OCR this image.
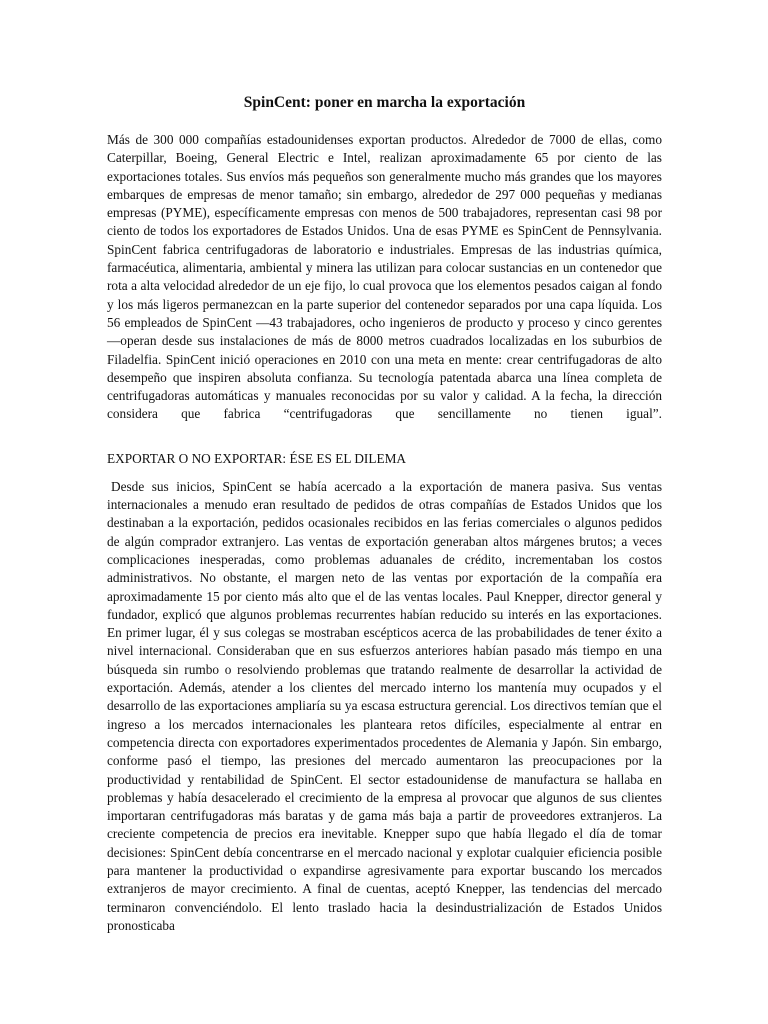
SpinCent: poner en marcha la exportación

Más de 300 000 compañías estadounidenses exportan productos. Alrededor de 7000 de ellas, como Caterpillar, Boeing, General Electric e Intel, realizan aproximadamente 65 por ciento de las exportaciones totales. Sus envíos más pequeños son generalmente mucho más grandes que los mayores embarques de empresas de menor tamaño; sin embargo, alrededor de 297 000 pequeñas y medianas empresas (PYME), específicamente empresas con menos de 500 trabajadores, representan casi 98 por ciento de todos los exportadores de Estados Unidos. Una de esas PYME es SpinCent de Pennsylvania. SpinCent fabrica centrifugadoras de laboratorio e industriales. Empresas de las industrias química, farmacéutica, alimentaria, ambiental y minera las utilizan para colocar sustancias en un contenedor que rota a alta velocidad alrededor de un eje fijo, lo cual provoca que los elementos pesados caigan al fondo y los más ligeros permanezcan en la parte superior del contenedor separados por una capa líquida. Los 56 empleados de SpinCent —43 trabajadores, ocho ingenieros de producto y proceso y cinco gerentes—operan desde sus instalaciones de más de 8000 metros cuadrados localizadas en los suburbios de Filadelfia. SpinCent inició operaciones en 2010 con una meta en mente: crear centrifugadoras de alto desempeño que inspiren absoluta confianza. Su tecnología patentada abarca una línea completa de centrifugadoras automáticas y manuales reconocidas por su valor y calidad. A la fecha, la dirección considera que fabrica “centrifugadoras que sencillamente no tienen igual”.

EXPORTAR O NO EXPORTAR: ÉSE ES EL DILEMA

Desde sus inicios, SpinCent se había acercado a la exportación de manera pasiva. Sus ventas internacionales a menudo eran resultado de pedidos de otras compañías de Estados Unidos que los destinaban a la exportación, pedidos ocasionales recibidos en las ferias comerciales o algunos pedidos de algún comprador extranjero. Las ventas de exportación generaban altos márgenes brutos; a veces complicaciones inesperadas, como problemas aduanales de crédito, incrementaban los costos administrativos. No obstante, el margen neto de las ventas por exportación de la compañía era aproximadamente 15 por ciento más alto que el de las ventas locales. Paul Knepper, director general y fundador, explicó que algunos problemas recurrentes habían reducido su interés en las exportaciones. En primer lugar, él y sus colegas se mostraban escépticos acerca de las probabilidades de tener éxito a nivel internacional. Consideraban que en sus esfuerzos anteriores habían pasado más tiempo en una búsqueda sin rumbo o resolviendo problemas que tratando realmente de desarrollar la actividad de exportación. Además, atender a los clientes del mercado interno los mantenía muy ocupados y el desarrollo de las exportaciones ampliaría su ya escasa estructura gerencial. Los directivos temían que el ingreso a los mercados internacionales les planteara retos difíciles, especialmente al entrar en competencia directa con exportadores experimentados procedentes de Alemania y Japón. Sin embargo, conforme pasó el tiempo, las presiones del mercado aumentaron las preocupaciones por la productividad y rentabilidad de SpinCent. El sector estadounidense de manufactura se hallaba en problemas y había desacelerado el crecimiento de la empresa al provocar que algunos de sus clientes importaran centrifugadoras más baratas y de gama más baja a partir de proveedores extranjeros. La creciente competencia de precios era inevitable. Knepper supo que había llegado el día de tomar decisiones: SpinCent debía concentrarse en el mercado nacional y explotar cualquier eficiencia posible para mantener la productividad o expandirse agresivamente para exportar buscando los mercados extranjeros de mayor crecimiento. A final de cuentas, aceptó Knepper, las tendencias del mercado terminaron convenciéndolo. El lento traslado hacia la desindustrialización de Estados Unidos pronosticaba
